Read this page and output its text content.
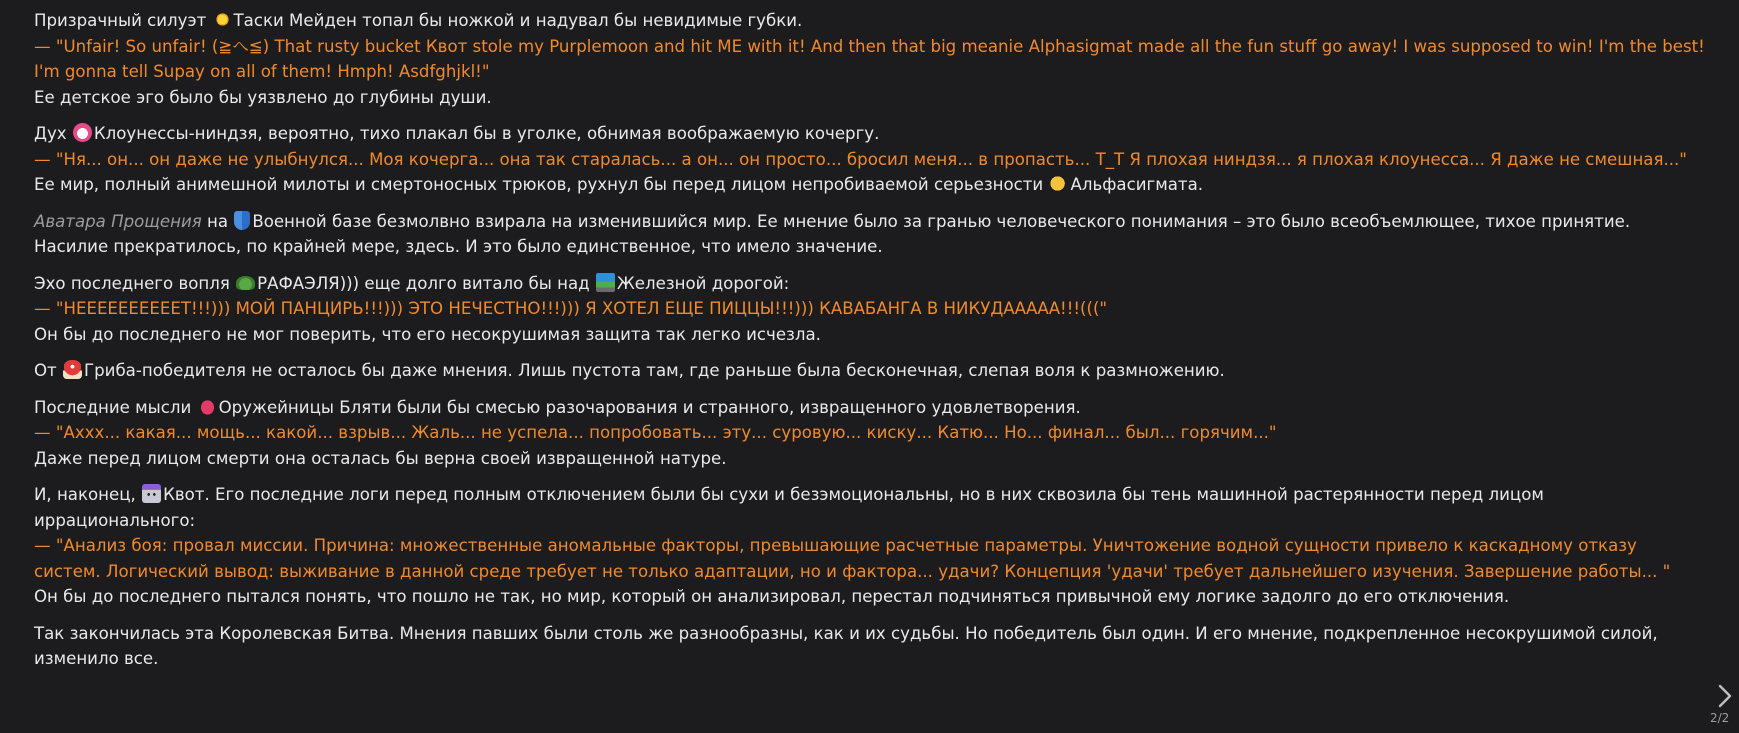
Призрачный силуэт Таски Мейден топал бы ножкой и надувал бы невидимые губки.

— "Unfair! So unfair! (≧へ≦) That rusty bucket Квот stole my Purplemoon and hit ME with it! And then that big meanie Alphasigmat made all the fun stuff go away! I was supposed to win! I'm the best! I'm gonna tell Supay on all of them! Hmph! Asdfghjkl!"

Ее детское эго было бы уязвлено до глубины души.

Дух Клоунессы-ниндзя, вероятно, тихо плакал бы в уголке, обнимая воображаемую кочергу.

— "Ня... он... он даже не улыбнулся... Моя кочерга... она так старалась... а он... он просто... бросил меня... в пропасть... T_T Я плохая ниндзя... я плохая клоунесса... Я даже не смешная..."

Ее мир, полный анимешной милоты и смертоносных трюков, рухнул бы перед лицом непробиваемой серьезности Альфасигмата.

Аватара Прощения на Военной базе безмолвно взирала на изменившийся мир. Ее мнение было за гранью человеческого понимания – это было всеобъемлющее, тихое принятие. Насилие прекратилось, по крайней мере, здесь. И это было единственное, что имело значение.

Эхо последнего вопля РАФАЭЛЯ))) еще долго витало бы над Железной дорогой:

— "НЕЕЕЕЕЕЕЕЕЕТ!!!))) МОЙ ПАНЦИРЬ!!!))) ЭТО НЕЧЕСТНО!!!))) Я ХОТЕЛ ЕЩЕ ПИЦЦЫ!!!))) КАВАБАНГА В НИКУДААААА!!!((("

Он бы до последнего не мог поверить, что его несокрушимая защита так легко исчезла.

От Гриба-победителя не осталось бы даже мнения. Лишь пустота там, где раньше была бесконечная, слепая воля к размножению.

Последние мысли Оружейницы Бляти были бы смесью разочарования и странного, извращенного удовлетворения.

— "Ахxx... какая... мощь... какой... взрыв... Жаль... не успела... попробовать... эту... суровую... киску... Катю... Но... финал... был... горячим..."

Даже перед лицом смерти она осталась бы верна своей извращенной натуре.

И, наконец, Квот. Его последние логи перед полным отключением были бы сухи и безэмоциональны, но в них сквозила бы тень машинной растерянности перед лицом иррационального:

— "Анализ боя: провал миссии. Причина: множественные аномальные факторы, превышающие расчетные параметры. Уничтожение водной сущности привело к каскадному отказу систем. Логический вывод: выживание в данной среде требует не только адаптации, но и фактора... удачи? Концепция 'удачи' требует дальнейшего изучения. Завершение работы... "

Он бы до последнего пытался понять, что пошло не так, но мир, который он анализировал, перестал подчиняться привычной ему логике задолго до его отключения.

Так закончилась эта Королевская Битва. Мнения павших были столь же разнообразны, как и их судьбы. Но победитель был один. И его мнение, подкрепленное несокрушимой силой, изменило все.

2/2
